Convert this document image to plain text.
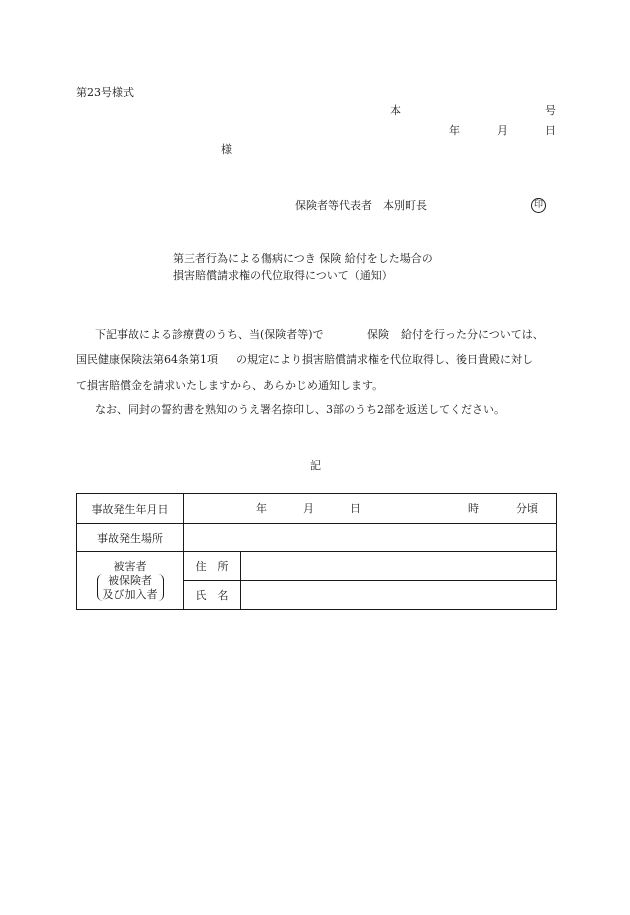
第23号様式
本	号
年	月	日
様
保険者等代表者　本別町長	印
第三者行為による傷病につき 保険 給付をした場合の
損害賠償請求権の代位取得について（通知）
下記事故による診療費のうち、当(保険者等)で	保険 給付を行った分については、
国民健康保険法第64条第1項 の規定により損害賠償請求権を代位取得し、後日貴殿に対し
て損害賠償金を請求いたしますから、あらかじめ通知します。
なお、同封の誓約書を熟知のうえ署名捺印し、3部のうち2部を返送してください。
記
事故発生年月日	年 月 日 時 分頃	

事故発生場所		

被害者
被保険者
及び加入者	住　所	
	氏　名	
